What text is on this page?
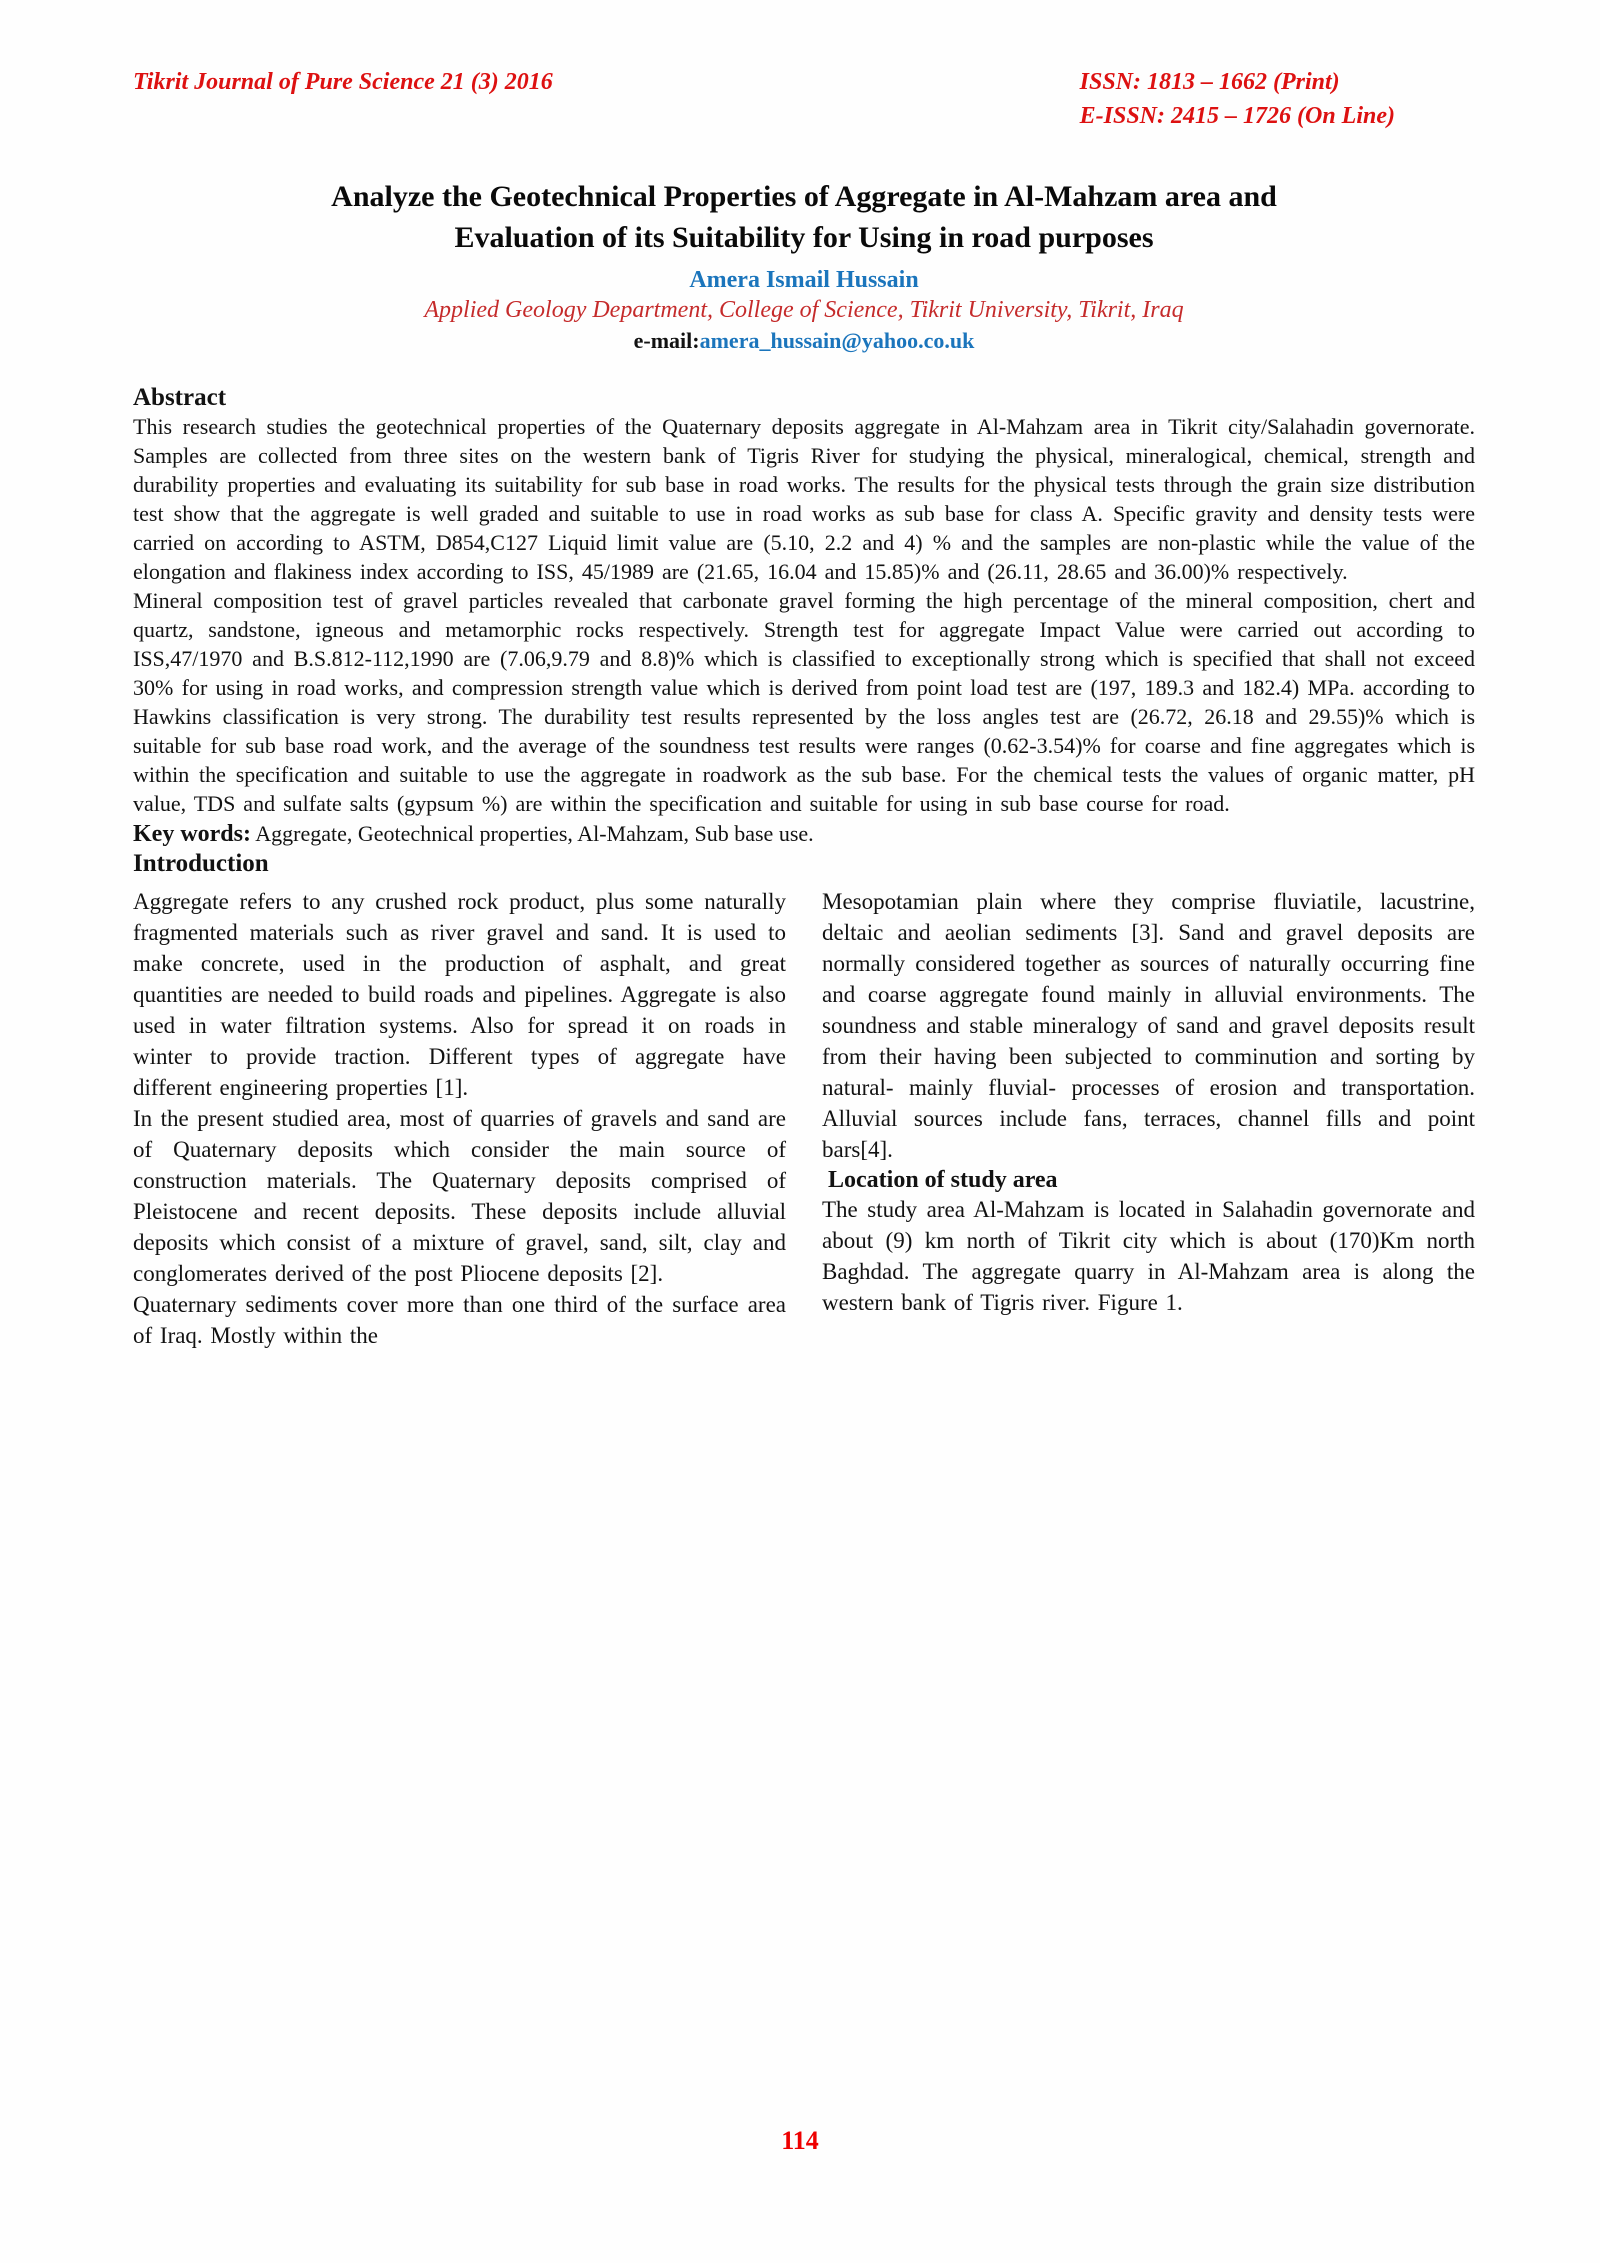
Tikrit Journal of Pure Science 21 (3) 2016	ISSN: 1813 – 1662 (Print)
E-ISSN: 2415 – 1726 (On Line)
Analyze the Geotechnical Properties of Aggregate in Al-Mahzam area and
Evaluation of its Suitability for Using in road purposes
Amera Ismail Hussain
Applied Geology Department, College of Science, Tikrit University, Tikrit, Iraq
e-mail:amera_hussain@yahoo.co.uk
Abstract

This research studies the geotechnical properties of the Quaternary deposits aggregate in Al-Mahzam area in Tikrit city/Salahadin governorate. Samples are collected from three sites on the western bank of Tigris River for studying the physical, mineralogical, chemical, strength and durability properties and evaluating its suitability for sub base in road works. The results for the physical tests through the grain size distribution test show that the aggregate is well graded and suitable to use in road works as sub base for class A. Specific gravity and density tests were carried on according to ASTM, D854,C127 Liquid limit value are (5.10, 2.2 and 4) % and the samples are non-plastic while the value of the elongation and flakiness index according to ISS, 45/1989 are (21.65, 16.04 and 15.85)% and (26.11, 28.65 and 36.00)% respectively.

Mineral composition test of gravel particles revealed that carbonate gravel forming the high percentage of the mineral composition, chert and quartz, sandstone, igneous and metamorphic rocks respectively. Strength test for aggregate Impact Value were carried out according to ISS,47/1970 and B.S.812-112,1990 are (7.06,9.79 and 8.8)% which is classified to exceptionally strong which is specified that shall not exceed 30% for using in road works, and compression strength value which is derived from point load test are (197, 189.3 and 182.4) MPa. according to Hawkins classification is very strong. The durability test results represented by the loss angles test are (26.72, 26.18 and 29.55)% which is suitable for sub base road work, and the average of the soundness test results were ranges (0.62-3.54)% for coarse and fine aggregates which is within the specification and suitable to use the aggregate in roadwork as the sub base. For the chemical tests the values of organic matter, pH value, TDS and sulfate salts (gypsum %) are within the specification and suitable for using in sub base course for road.

Key words: Aggregate, Geotechnical properties, Al-Mahzam, Sub base use.
Introduction

Aggregate refers to any crushed rock product, plus some naturally fragmented materials such as river gravel and sand. It is used to make concrete, used in the production of asphalt, and great quantities are needed to build roads and pipelines. Aggregate is also used in water filtration systems. Also for spread it on roads in winter to provide traction. Different types of aggregate have different engineering properties [1].

In the present studied area, most of quarries of gravels and sand are of Quaternary deposits which consider the main source of construction materials. The Quaternary deposits comprised of Pleistocene and recent deposits. These deposits include alluvial deposits which consist of a mixture of gravel, sand, silt, clay and conglomerates derived of the post Pliocene deposits [2].

Quaternary sediments cover more than one third of the surface area of Iraq. Mostly within the

Mesopotamian plain where they comprise fluviatile, lacustrine, deltaic and aeolian sediments [3]. Sand and gravel deposits are normally considered together as sources of naturally occurring fine and coarse aggregate found mainly in alluvial environments. The soundness and stable mineralogy of sand and gravel deposits result from their having been subjected to comminution and sorting by natural- mainly fluvial- processes of erosion and transportation. Alluvial sources include fans, terraces, channel fills and point bars[4].

Location of study area

The study area Al-Mahzam is located in Salahadin governorate and about (9) km north of Tikrit city which is about (170)Km north Baghdad. The aggregate quarry in Al-Mahzam area is along the western bank of Tigris river. Figure 1.

114
